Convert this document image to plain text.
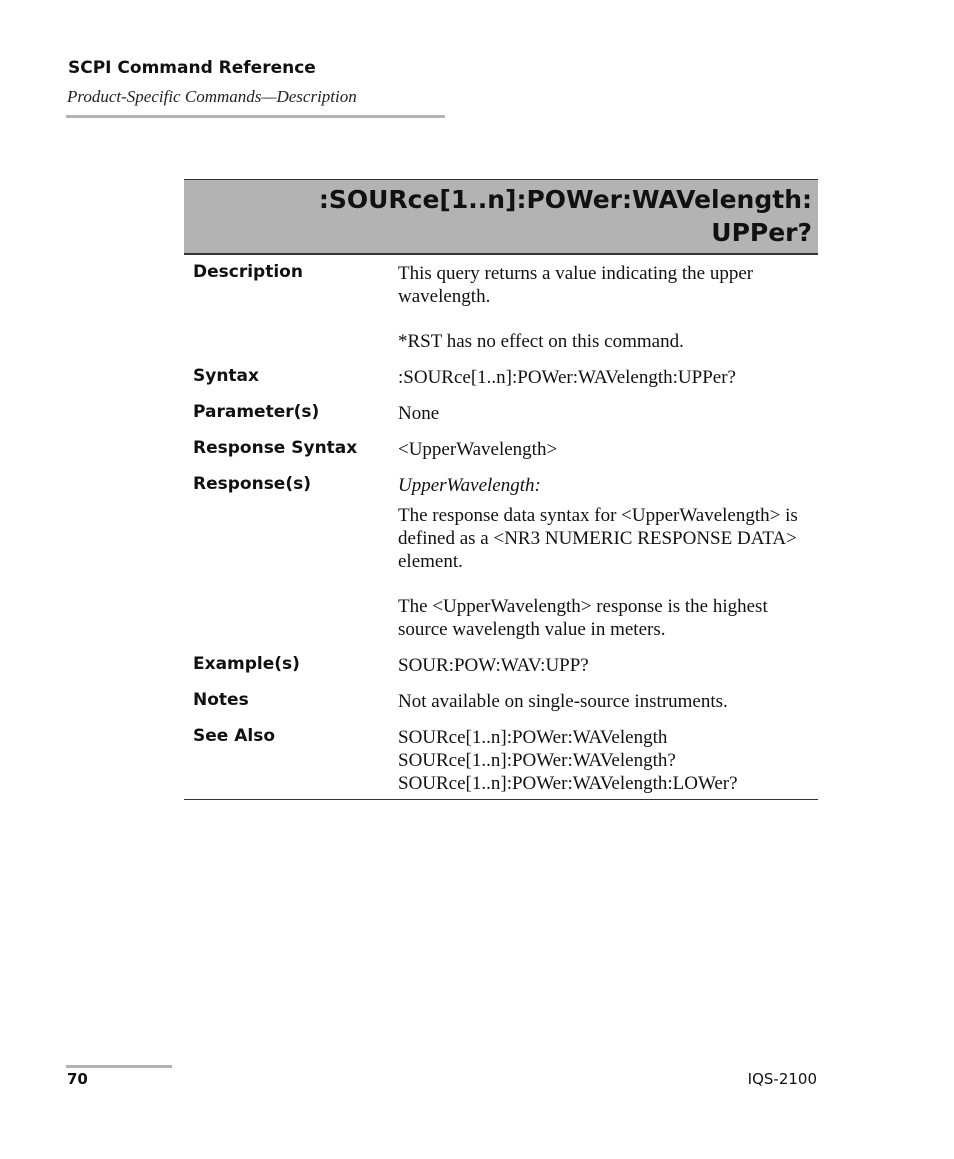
SCPI Command Reference
Product-Specific Commands—Description
:SOURce[1..n]:POWer:WAVelength:
UPPer?
Description	This query returns a value indicating the upper wavelength.

*RST has no effect on this command.

Syntax	:SOURce[1..n]:POWer:WAVelength:UPPer?
Parameter(s)	None
Response Syntax <UpperWavelength>
Response(s)	UpperWavelength:

The response data syntax for <UpperWavelength> is defined as a <NR3 NUMERIC RESPONSE DATA> element.

The <UpperWavelength> response is the highest source wavelength value in meters.

Example(s)	SOUR:POW:WAV:UPP?
Notes	Not available on single-source instruments.
See Also	SOURce[1..n]:POWer:WAVelength

SOURce[1..n]:POWer:WAVelength?

SOURce[1..n]:POWer:WAVelength:LOWer?

70	IQS-2100
